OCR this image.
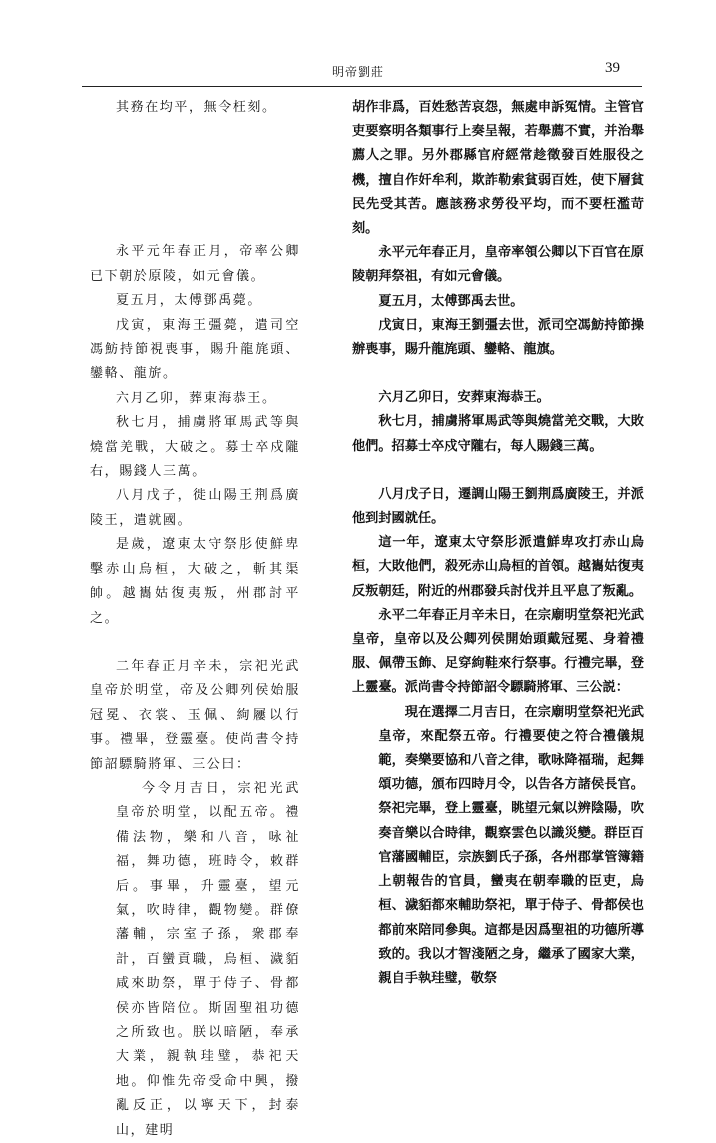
明帝劉莊	39

其務在均平，無令枉刻。

永平元年春正月，帝率公卿已下朝於原陵，如元會儀。

夏五月，太傅鄧禹薨。

戊寅，東海王彊薨，遣司空馮魴持節視喪事，賜升龍旄頭、鑾輅、龍旂。

六月乙卯，葬東海恭王。

秋七月，捕虜將軍馬武等與燒當羌戰，大破之。募士卒戍隴右，賜錢人三萬。

八月戊子，徙山陽王荆爲廣陵王，遣就國。

是歲，遼東太守祭肜使鮮卑擊赤山烏桓，大破之，斬其渠帥。越巂姑復夷叛，州郡討平之。

二年春正月辛未，宗祀光武皇帝於明堂，帝及公卿列侯始服冠冕、衣裳、玉佩、絇屨以行事。禮畢，登靈臺。使尚書令持節詔驃騎將軍、三公曰：

今令月吉日，宗祀光武皇帝於明堂，以配五帝。禮備法物，樂和八音，咏祉福，舞功德，班時令，敕群后。事畢，升靈臺，望元氣，吹時律，觀物變。群僚藩輔，宗室子孫，衆郡奉計，百蠻貢職，烏桓、濊貊咸來助祭，單于侍子、骨都侯亦皆陪位。斯固聖祖功德之所致也。朕以暗陋，奉承大業，親執珪璧，恭祀天地。仰惟先帝受命中興，撥亂反正，以寧天下，封泰山，建明

胡作非爲，百姓愁苦哀怨，無處申訴冤情。主管官吏要察明各類事行上奏呈報，若舉薦不實，并治舉薦人之罪。另外郡縣官府經常趁徵發百姓服役之機，擅自作奸牟利，欺詐勒索貧弱百姓，使下層貧民先受其苦。應該務求勞役平均，而不要枉濫苛刻。

永平元年春正月，皇帝率領公卿以下百官在原陵朝拜祭祖，有如元會儀。

夏五月，太傅鄧禹去世。

戊寅日，東海王劉彊去世，派司空馮魴持節操辦喪事，賜升龍旄頭、鑾輅、龍旗。

六月乙卯日，安葬東海恭王。

秋七月，捕虜將軍馬武等與燒當羌交戰，大敗他們。招募士卒戍守隴右，每人賜錢三萬。

八月戊子日，遷調山陽王劉荆爲廣陵王，并派他到封國就任。

這一年，遼東太守祭肜派遣鮮卑攻打赤山烏桓，大敗他們，殺死赤山烏桓的首領。越巂姑復夷反叛朝廷，附近的州郡發兵討伐并且平息了叛亂。

永平二年春正月辛未日，在宗廟明堂祭祀光武皇帝，皇帝以及公卿列侯開始頭戴冠冕、身着禮服、佩帶玉飾、足穿絇鞋來行祭事。行禮完畢，登上靈臺。派尚書令持節詔令驃騎將軍、三公説：

現在選擇二月吉日，在宗廟明堂祭祀光武皇帝，來配祭五帝。行禮要使之符合禮儀規範，奏樂要協和八音之律，歌咏降福瑞，起舞頌功德，頒布四時月令，以告各方諸侯長官。祭祀完畢，登上靈臺，眺望元氣以辨陰陽，吹奏音樂以合時律，觀察雲色以識災變。群臣百官藩國輔臣，宗族劉氏子孫，各州郡掌管簿籍上朝報告的官員，蠻夷在朝奉職的臣吏，烏桓、濊貊都來輔助祭祀，單于侍子、骨都侯也都前來陪同參與。這都是因爲聖祖的功德所導致的。我以才智淺陋之身，繼承了國家大業，親自手執珪璧，敬祭
